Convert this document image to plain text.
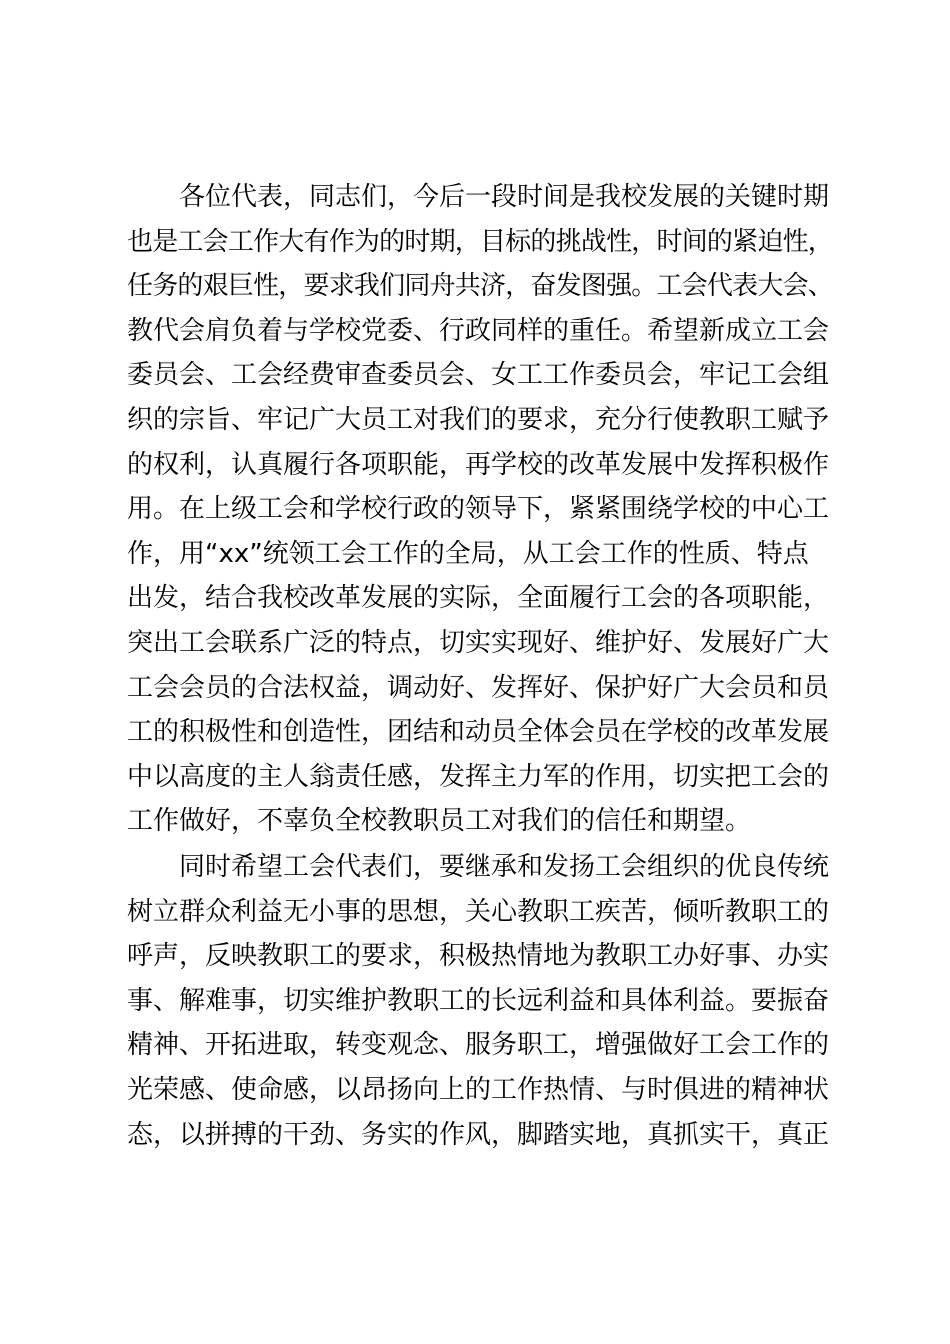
各位代表，同志们，今后一段时间是我校发展的关键时期
也是工会工作大有作为的时期，目标的挑战性，时间的紧迫性，
任务的艰巨性，要求我们同舟共济，奋发图强。工会代表大会、
教代会肩负着与学校党委、行政同样的重任。希望新成立工会
委员会、工会经费审查委员会、女工工作委员会，牢记工会组
织的宗旨、牢记广大员工对我们的要求，充分行使教职工赋予
的权利，认真履行各项职能，再学校的改革发展中发挥积极作
用。在上级工会和学校行政的领导下，紧紧围绕学校的中心工
作，用“xx”统领工会工作的全局，从工会工作的性质、特点
出发，结合我校改革发展的实际，全面履行工会的各项职能，
突出工会联系广泛的特点，切实实现好、维护好、发展好广大
工会会员的合法权益，调动好、发挥好、保护好广大会员和员
工的积极性和创造性，团结和动员全体会员在学校的改革发展
中以高度的主人翁责任感，发挥主力军的作用，切实把工会的
工作做好，不辜负全校教职员工对我们的信任和期望。
同时希望工会代表们，要继承和发扬工会组织的优良传统
树立群众利益无小事的思想，关心教职工疾苦，倾听教职工的
呼声，反映教职工的要求，积极热情地为教职工办好事、办实
事、解难事，切实维护教职工的长远利益和具体利益。要振奋
精神、开拓进取，转变观念、服务职工，增强做好工会工作的
光荣感、使命感，以昂扬向上的工作热情、与时俱进的精神状
态，以拼搏的干劲、务实的作风，脚踏实地，真抓实干，真正
